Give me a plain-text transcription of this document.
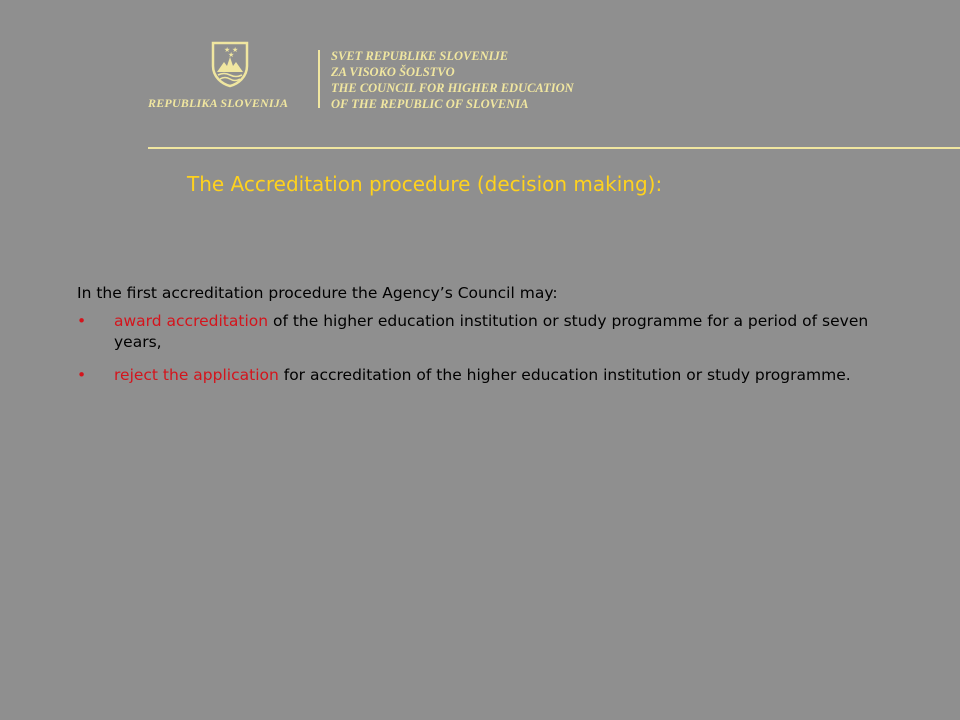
★ ★
★
REPUBLIKA SLOVENIJA
SVET REPUBLIKE SLOVENIJE
ZA VISOKO ŠOLSTVO
THE COUNCIL FOR HIGHER EDUCATION
OF THE REPUBLIC OF SLOVENIA
The Accreditation procedure (decision making):

In the first accreditation procedure the Agency’s Council may:

• award accreditation of the higher education institution or study programme for a period of seven years,
• reject the application for accreditation of the higher education institution or study programme.
